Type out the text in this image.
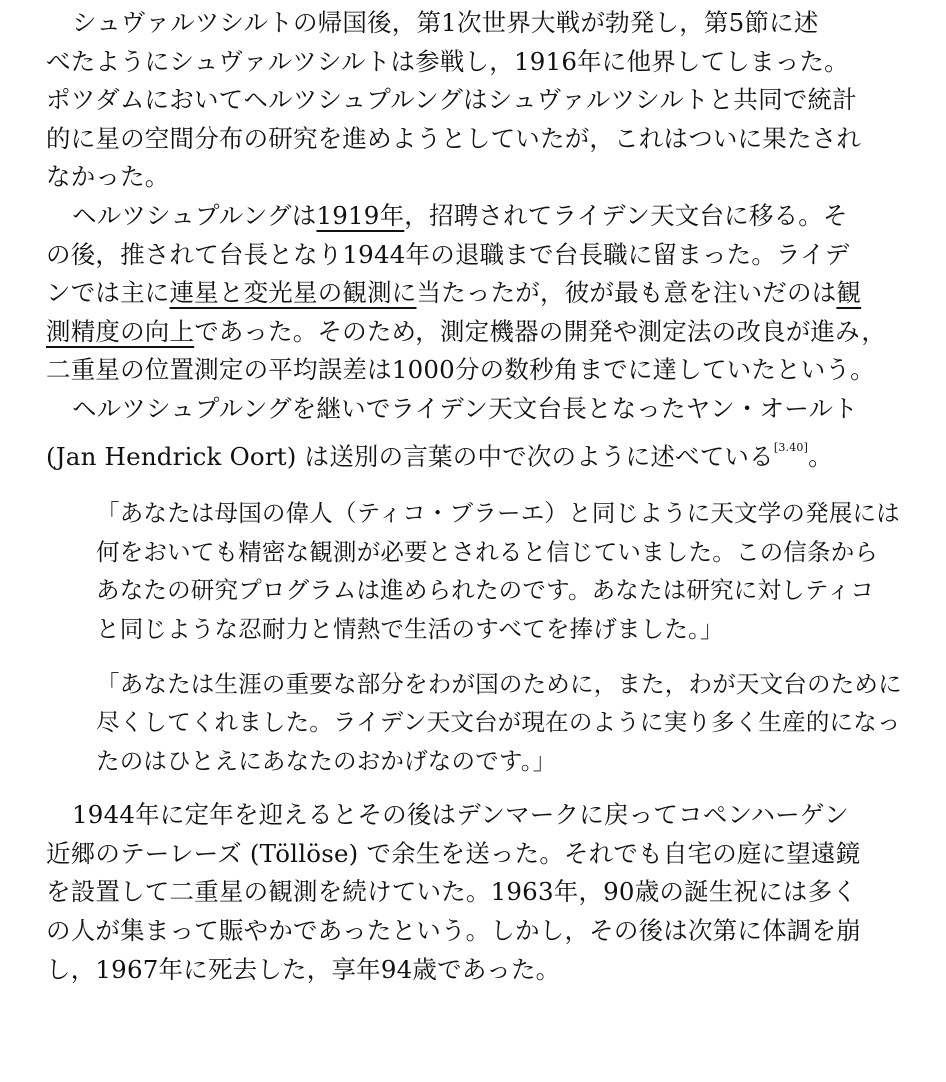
シュヴァルツシルトの帰国後，第1次世界大戦が勃発し，第5節に述
べたようにシュヴァルツシルトは参戦し，1916年に他界してしまった。
ポツダムにおいてヘルツシュプルングはシュヴァルツシルトと共同で統計
的に星の空間分布の研究を進めようとしていたが，これはついに果たされ
なかった。
ヘルツシュプルングは1919年，招聘されてライデン天文台に移る。そ
の後，推されて台長となり1944年の退職まで台長職に留まった。ライデ
ンでは主に連星と変光星の観測に当たったが，彼が最も意を注いだのは観
測精度の向上であった。そのため，測定機器の開発や測定法の改良が進み，
二重星の位置測定の平均誤差は1000分の数秒角までに達していたという。
ヘルツシュプルングを継いでライデン天文台長となったヤン・オールト
(Jan Hendrick Oort) は送別の言葉の中で次のように述べている[3.40]。
「あなたは母国の偉人（ティコ・ブラーエ）と同じように天文学の発展には
何をおいても精密な観測が必要とされると信じていました。この信条から
あなたの研究プログラムは進められたのです。あなたは研究に対しティコ
と同じような忍耐力と情熱で生活のすべてを捧げました。」
「あなたは生涯の重要な部分をわが国のために，また，わが天文台のために
尽くしてくれました。ライデン天文台が現在のように実り多く生産的になっ
たのはひとえにあなたのおかげなのです。」
1944年に定年を迎えるとその後はデンマークに戻ってコペンハーゲン
近郷のテーレーズ (Töllöse) で余生を送った。それでも自宅の庭に望遠鏡
を設置して二重星の観測を続けていた。1963年，90歳の誕生祝には多く
の人が集まって賑やかであったという。しかし，その後は次第に体調を崩
し，1967年に死去した，享年94歳であった。
